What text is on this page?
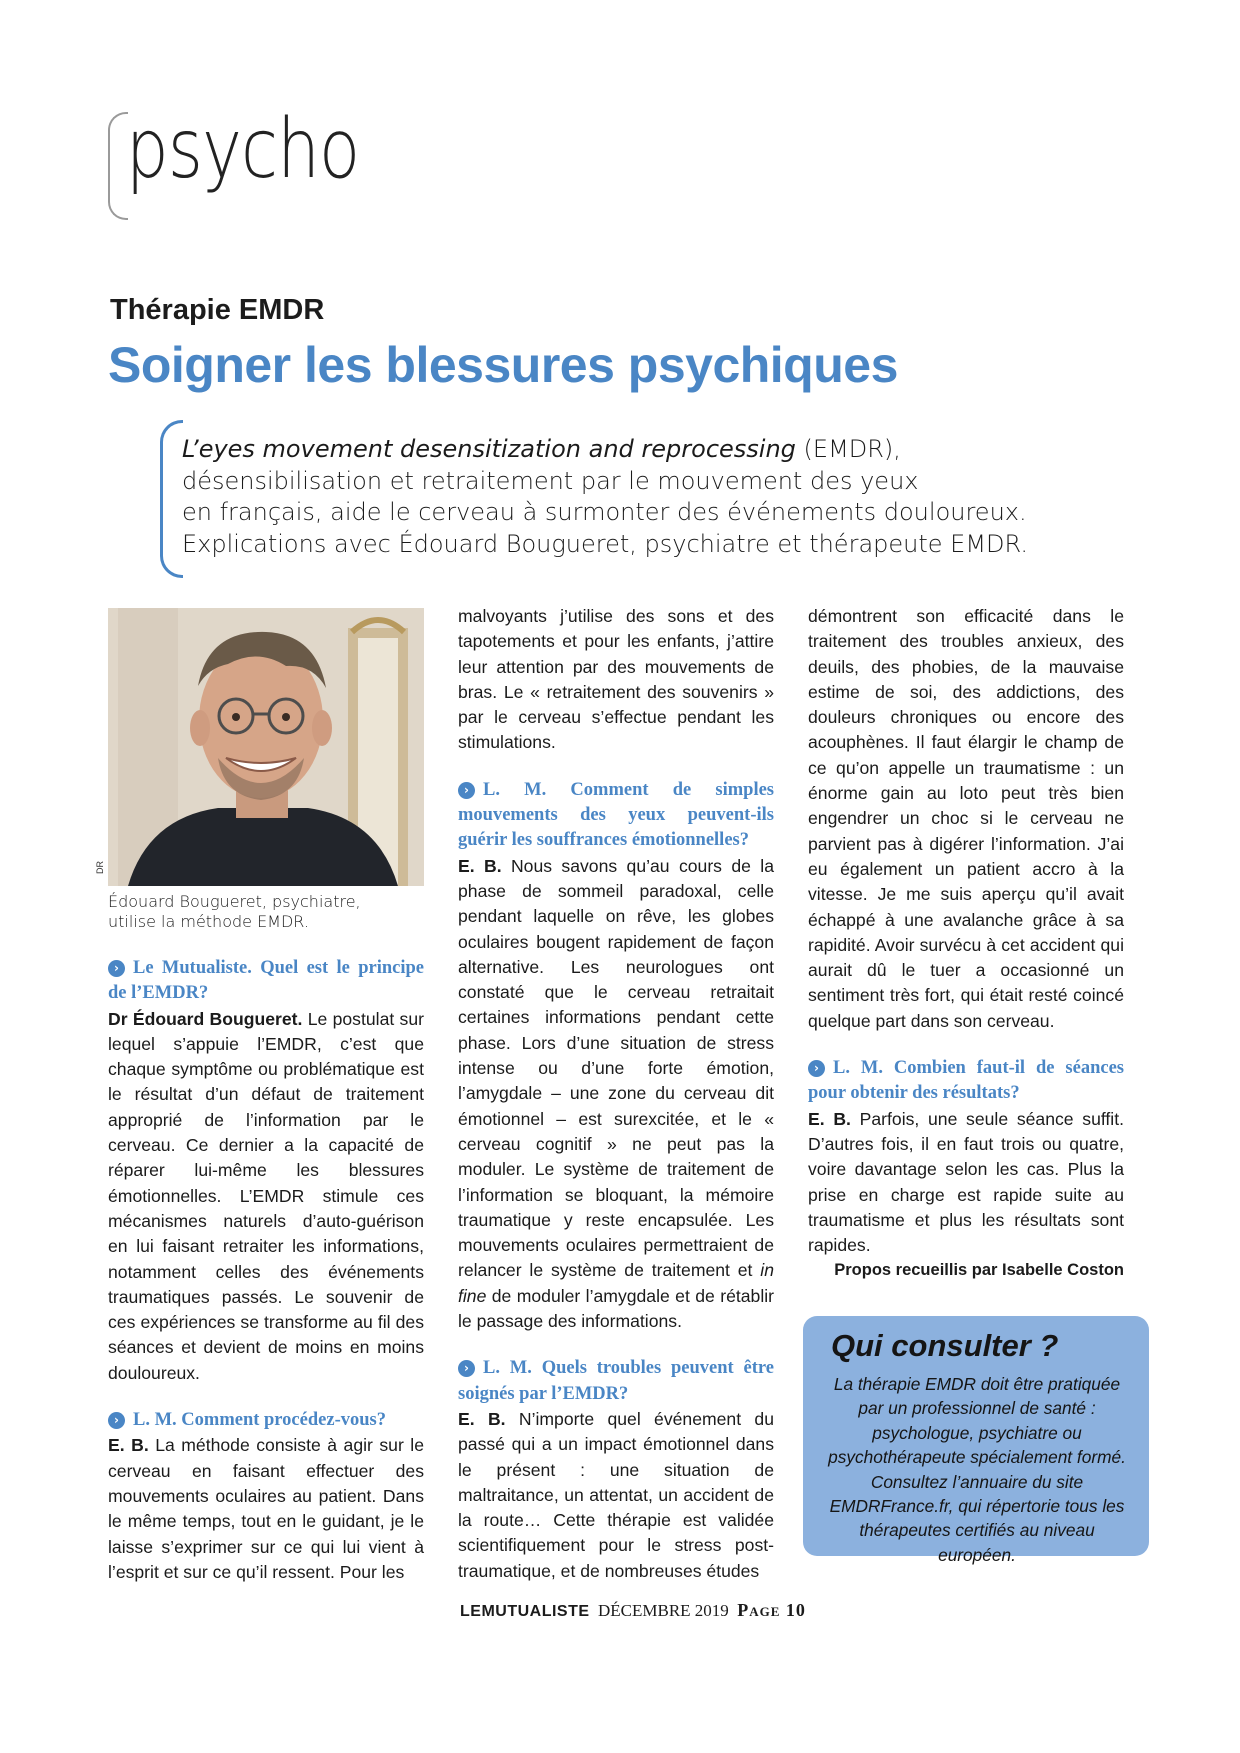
psycho
Thérapie EMDR
Soigner les blessures psychiques
L’eyes movement desensitization and reprocessing (EMDR),
désensibilisation et retraitement par le mouvement des yeux
en français, aide le cerveau à surmonter des événements douloureux.
Explications avec Édouard Bougueret, psychiatre et thérapeute EMDR.
DR
Édouard Bougueret, psychiatre,
utilise la méthode EMDR.

› Le Mutualiste. Quel est le principe de l’EMDR?

Dr Édouard Bougueret. Le postulat sur lequel s’appuie l’EMDR, c’est que chaque symptôme ou problématique est le résultat d’un défaut de traitement approprié de l’information par le cerveau. Ce dernier a la capacité de réparer lui-même les blessures émotionnelles. L’EMDR stimule ces mécanismes naturels d’auto-guérison en lui faisant retraiter les informations, notamment celles des événements traumatiques passés. Le souvenir de ces expériences se transforme au fil des séances et devient de moins en moins douloureux.

› L. M. Comment procédez-vous?

E. B. La méthode consiste à agir sur le cerveau en faisant effectuer des mouvements oculaires au patient. Dans le même temps, tout en le guidant, je le laisse s’exprimer sur ce qui lui vient à l’esprit et sur ce qu’il ressent. Pour les

malvoyants j’utilise des sons et des tapotements et pour les enfants, j’attire leur attention par des mouvements de bras. Le « retraitement des souvenirs » par le cerveau s’effectue pendant les stimulations.

› L. M. Comment de simples mouvements des yeux peuvent-ils guérir les souffrances émotionnelles?

E. B. Nous savons qu’au cours de la phase de sommeil paradoxal, celle pendant laquelle on rêve, les globes oculaires bougent rapidement de façon alternative. Les neurologues ont constaté que le cerveau retraitait certaines informations pendant cette phase. Lors d’une situation de stress intense ou d’une forte émotion, l’amygdale – une zone du cerveau dit émotionnel – est surexcitée, et le « cerveau cognitif » ne peut pas la moduler. Le système de traitement de l’information se bloquant, la mémoire traumatique y reste encapsulée. Les mouvements oculaires permettraient de relancer le système de traitement et in fine de moduler l’amygdale et de rétablir le passage des informations.

› L. M. Quels troubles peuvent être soignés par l’EMDR?

E. B. N’importe quel événement du passé qui a un impact émotionnel dans le présent : une situation de maltraitance, un attentat, un accident de la route… Cette thérapie est validée scientifiquement pour le stress post-traumatique, et de nombreuses études

démontrent son efficacité dans le traitement des troubles anxieux, des deuils, des phobies, de la mauvaise estime de soi, des addictions, des douleurs chroniques ou encore des acouphènes. Il faut élargir le champ de ce qu’on appelle un traumatisme : un énorme gain au loto peut très bien engendrer un choc si le cerveau ne parvient pas à digérer l’information. J’ai eu également un patient accro à la vitesse. Je me suis aperçu qu’il avait échappé à une avalanche grâce à sa rapidité. Avoir survécu à cet accident qui aurait dû le tuer a occasionné un sentiment très fort, qui était resté coincé quelque part dans son cerveau.

› L. M. Combien faut-il de séances pour obtenir des résultats?

E. B. Parfois, une seule séance suffit. D’autres fois, il en faut trois ou quatre, voire davantage selon les cas. Plus la prise en charge est rapide suite au traumatisme et plus les résultats sont rapides.

Propos recueillis par Isabelle Coston

Qui consulter ?

La thérapie EMDR doit être pratiquée par un professionnel de santé : psychologue, psychiatre ou psychothérapeute spécialement formé. Consultez l’annuaire du site EMDRFrance.fr, qui répertorie tous les thérapeutes certifiés au niveau européen.

LEMUTUALISTE DÉCEMBRE 2019 Page 10
